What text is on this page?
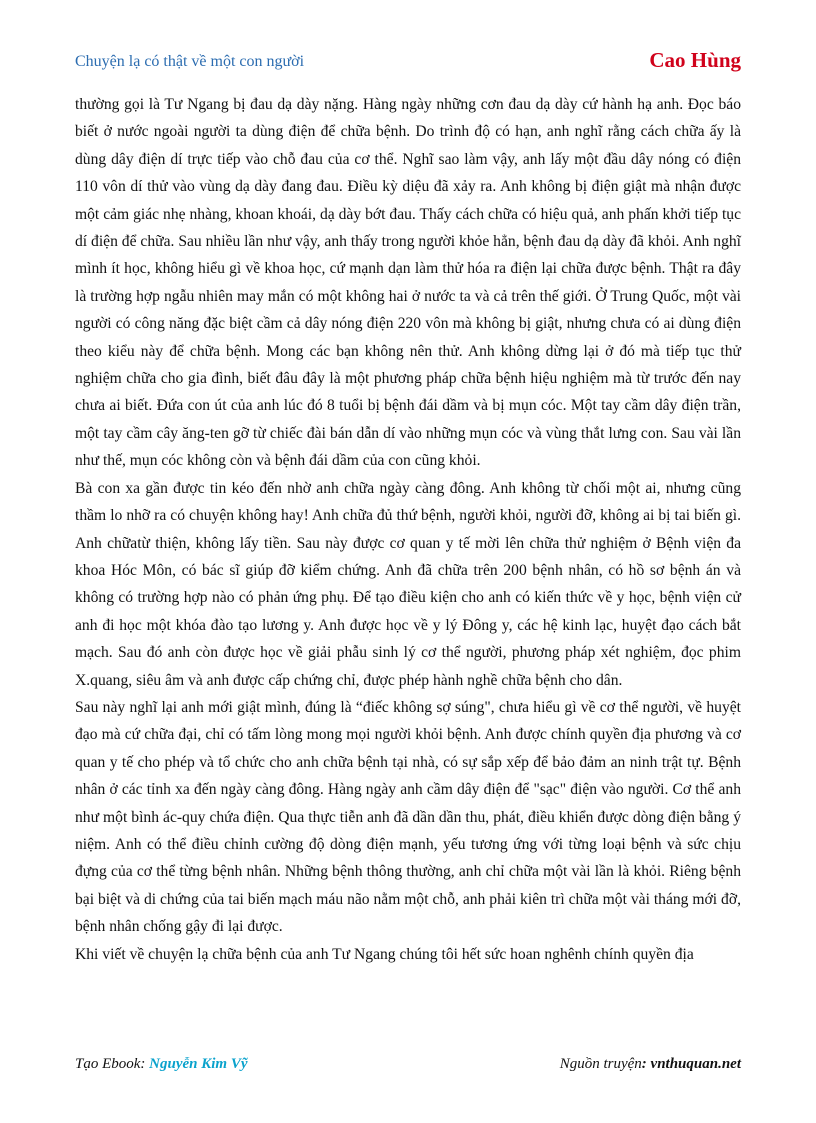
Chuyện lạ có thật về một con người	Cao Hùng

thường gọi là Tư Ngang bị đau dạ dày nặng. Hàng ngày những cơn đau dạ dày cứ hành hạ anh. Đọc báo biết ở nước ngoài người ta dùng điện để chữa bệnh. Do trình độ có hạn, anh nghĩ rằng cách chữa ấy là dùng dây điện dí trực tiếp vào chỗ đau của cơ thể. Nghĩ sao làm vậy, anh lấy một đầu dây nóng có điện 110 vôn dí thử vào vùng dạ dày đang đau. Điều kỳ diệu đã xảy ra. Anh không bị điện giật mà nhận được một cảm giác nhẹ nhàng, khoan khoái, dạ dày bớt đau. Thấy cách chữa có hiệu quả, anh phấn khởi tiếp tục dí điện để chữa. Sau nhiều lần như vậy, anh thấy trong người khỏe hẳn, bệnh đau dạ dày đã khỏi. Anh nghĩ mình ít học, không hiểu gì về khoa học, cứ mạnh dạn làm thử hóa ra điện lại chữa được bệnh. Thật ra đây là trường hợp ngẫu nhiên may mắn có một không hai ở nước ta và cả trên thế giới. Ở Trung Quốc, một vài người có công năng đặc biệt cầm cả dây nóng điện 220 vôn mà không bị giật, nhưng chưa có ai dùng điện theo kiểu này để chữa bệnh. Mong các bạn không nên thử. Anh không dừng lại ở đó mà tiếp tục thử nghiệm chữa cho gia đình, biết đâu đây là một phương pháp chữa bệnh hiệu nghiệm mà từ trước đến nay chưa ai biết. Đứa con út của anh lúc đó 8 tuổi bị bệnh đái dầm và bị mụn cóc. Một tay cầm dây điện trần, một tay cầm cây ăng-ten gỡ từ chiếc đài bán dẫn dí vào những mụn cóc và vùng thắt lưng con. Sau vài lần như thế, mụn cóc không còn và bệnh đái dầm của con cũng khỏi.

Bà con xa gần được tin kéo đến nhờ anh chữa ngày càng đông. Anh không từ chối một ai, nhưng cũng thầm lo nhỡ ra có chuyện không hay! Anh chữa đủ thứ bệnh, người khỏi, người đỡ, không ai bị tai biến gì. Anh chữatừ thiện, không lấy tiền. Sau này được cơ quan y tế mời lên chữa thử nghiệm ở Bệnh viện đa khoa Hóc Môn, có bác sĩ giúp đỡ kiểm chứng. Anh đã chữa trên 200 bệnh nhân, có hồ sơ bệnh án và không có trường hợp nào có phản ứng phụ. Để tạo điều kiện cho anh có kiến thức về y học, bệnh viện cử anh đi học một khóa đào tạo lương y. Anh được học về y lý Đông y, các hệ kinh lạc, huyệt đạo cách bắt mạch. Sau đó anh còn được học về giải phẫu sinh lý cơ thể người, phương pháp xét nghiệm, đọc phim X.quang, siêu âm và anh được cấp chứng chỉ, được phép hành nghề chữa bệnh cho dân.

Sau này nghĩ lại anh mới giật mình, đúng là “điếc không sợ súng", chưa hiểu gì về cơ thể người, về huyệt đạo mà cứ chữa đại, chỉ có tấm lòng mong mọi người khỏi bệnh. Anh được chính quyền địa phương và cơ quan y tế cho phép và tổ chức cho anh chữa bệnh tại nhà, có sự sắp xếp để bảo đảm an ninh trật tự. Bệnh nhân ở các tỉnh xa đến ngày càng đông. Hàng ngày anh cầm dây điện để "sạc" điện vào người. Cơ thể anh như một bình ác-quy chứa điện. Qua thực tiễn anh đã dần dần thu, phát, điều khiển được dòng điện bằng ý niệm. Anh có thể điều chỉnh cường độ dòng điện mạnh, yếu tương ứng với từng loại bệnh và sức chịu đựng của cơ thể từng bệnh nhân. Những bệnh thông thường, anh chỉ chữa một vài lần là khỏi. Riêng bệnh bại biệt và di chứng của tai biến mạch máu não nằm một chỗ, anh phải kiên trì chữa một vài tháng mới đỡ, bệnh nhân chống gậy đi lại được.

Khi viết về chuyện lạ chữa bệnh của anh Tư Ngang chúng tôi hết sức hoan nghênh chính quyền địa

Tạo Ebook: Nguyễn Kim Vỹ	Nguồn truyện: vnthuquan.net
